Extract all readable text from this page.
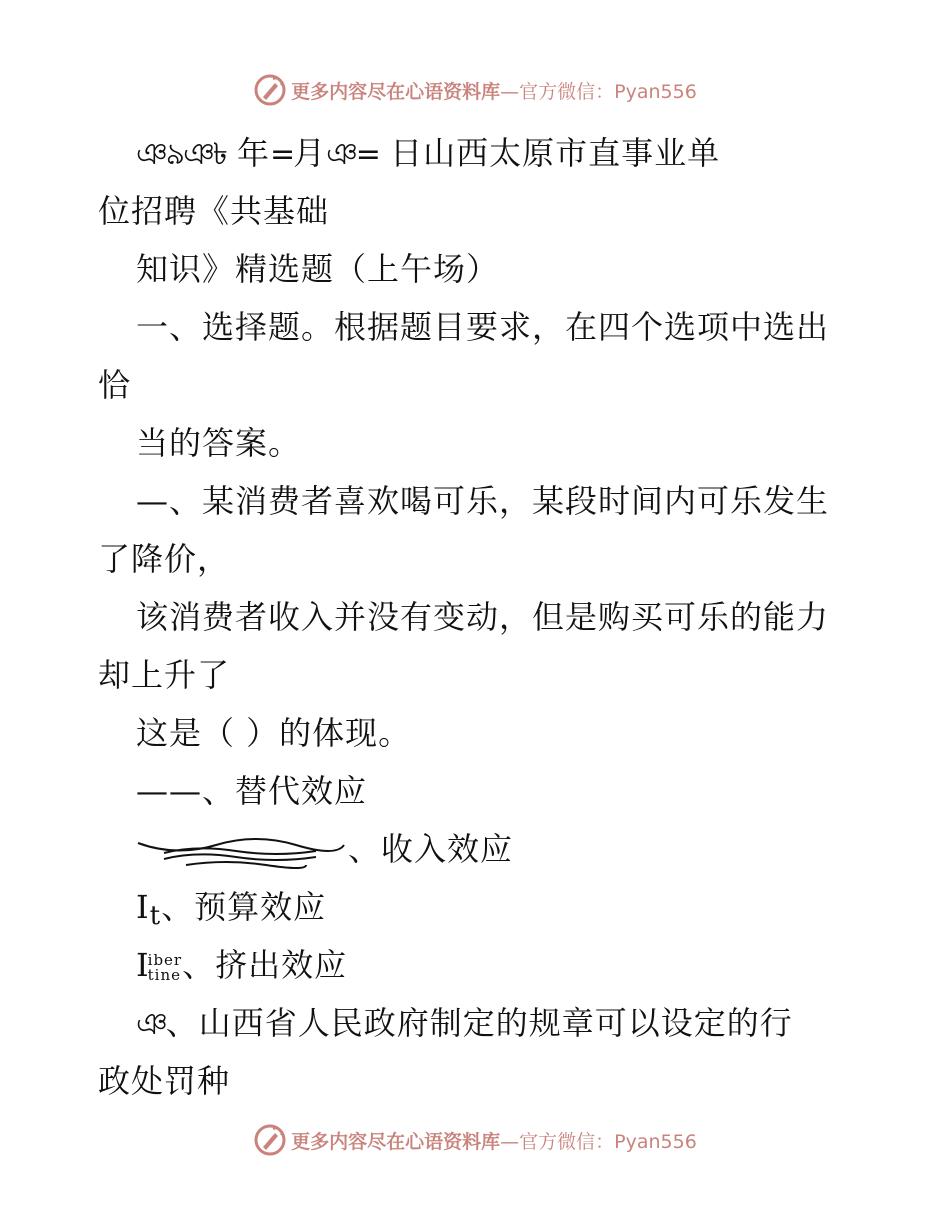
更多内容尽在心语资料库—官方微信：Pyan556
ঞ৯ঞ৳ 年=月ঞ= 日山西太原市直事业单
位招聘《共基础
知识》精选题（上午场）
一、选择题。根据题目要求，在四个选项中选出
恰
当的答案。
—、某消费者喜欢喝可乐，某段时间内可乐发生
了降价，
该消费者收入并没有变动，但是购买可乐的能力
却上升了
这是（ ）的体现。
——、替代效应
、收入效应
It、预算效应
Iiber
tine、挤出效应
ঞ、山西省人民政府制定的规章可以设定的行
政处罚种
更多内容尽在心语资料库—官方微信：Pyan556
